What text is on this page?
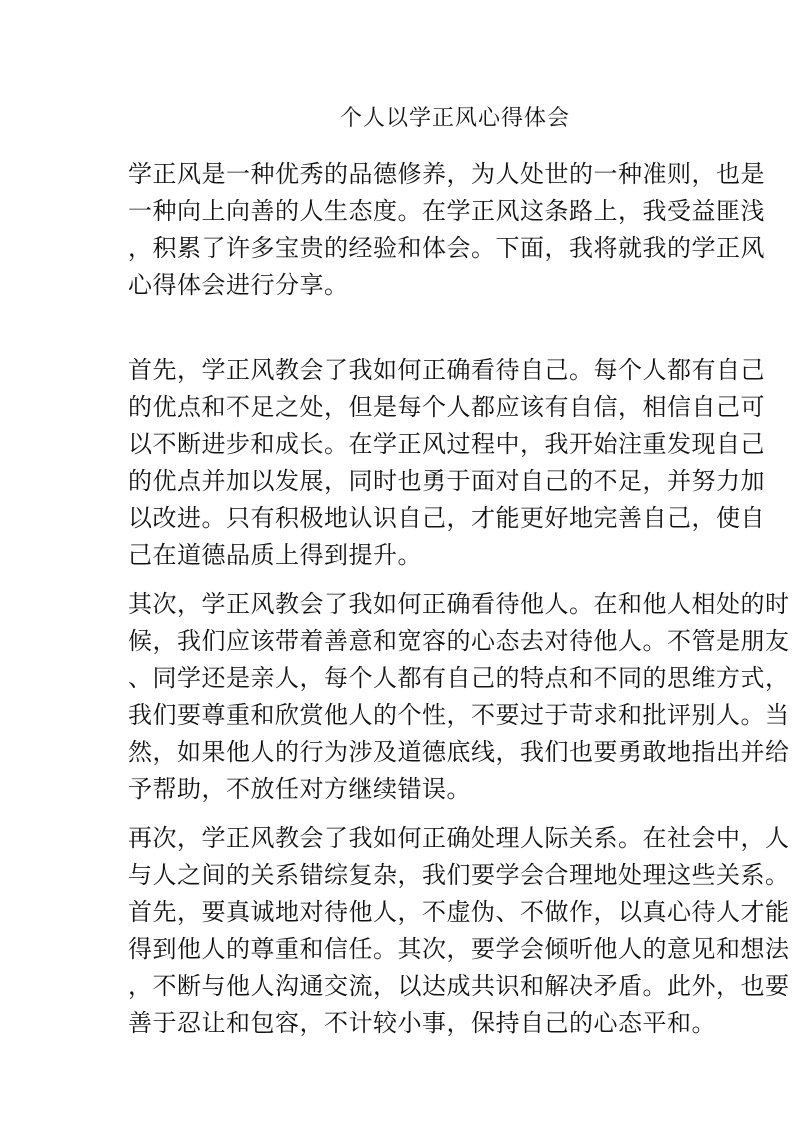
个人以学正风心得体会
学正风是一种优秀的品德修养，为人处世的一种准则，也是
一种向上向善的人生态度。在学正风这条路上，我受益匪浅
，积累了许多宝贵的经验和体会。下面，我将就我的学正风
心得体会进行分享。
首先，学正风教会了我如何正确看待自己。每个人都有自己
的优点和不足之处，但是每个人都应该有自信，相信自己可
以不断进步和成长。在学正风过程中，我开始注重发现自己
的优点并加以发展，同时也勇于面对自己的不足，并努力加
以改进。只有积极地认识自己，才能更好地完善自己，使自
己在道德品质上得到提升。
其次，学正风教会了我如何正确看待他人。在和他人相处的时
候，我们应该带着善意和宽容的心态去对待他人。不管是朋友
、同学还是亲人，每个人都有自己的特点和不同的思维方式，
我们要尊重和欣赏他人的个性，不要过于苛求和批评别人。当
然，如果他人的行为涉及道德底线，我们也要勇敢地指出并给
予帮助，不放任对方继续错误。
再次，学正风教会了我如何正确处理人际关系。在社会中，人
与人之间的关系错综复杂，我们要学会合理地处理这些关系。
首先，要真诚地对待他人，不虚伪、不做作，以真心待人才能
得到他人的尊重和信任。其次，要学会倾听他人的意见和想法
，不断与他人沟通交流，以达成共识和解决矛盾。此外，也要
善于忍让和包容，不计较小事，保持自己的心态平和。
